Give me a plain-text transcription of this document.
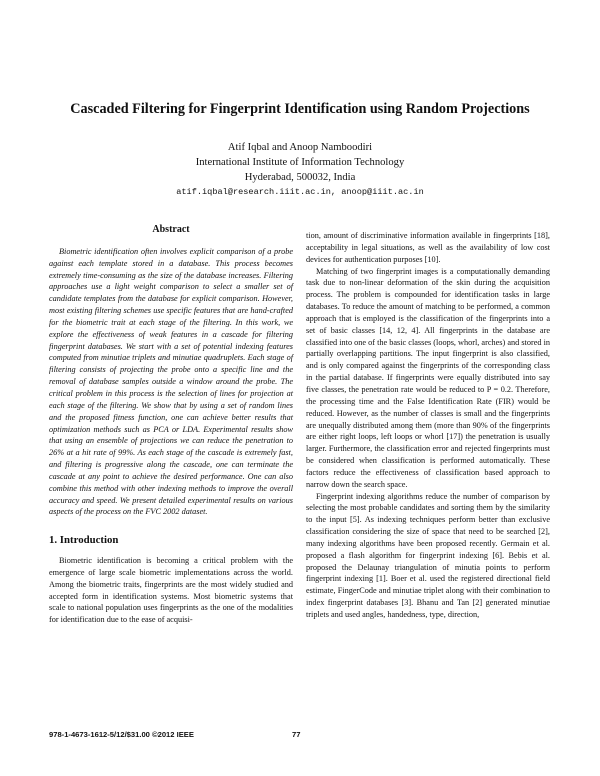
Cascaded Filtering for Fingerprint Identification using Random Projections
Atif Iqbal and Anoop Namboodiri
International Institute of Information Technology
Hyderabad, 500032, India
atif.iqbal@research.iiit.ac.in, anoop@iiit.ac.in
Abstract

Biometric identification often involves explicit comparison of a probe against each template stored in a database. This process becomes extremely time-consuming as the size of the database increases. Filtering approaches use a light weight comparison to select a smaller set of candidate templates from the database for explicit comparison. However, most existing filtering schemes use specific features that are hand-crafted for the biometric trait at each stage of the filtering. In this work, we explore the effectiveness of weak features in a cascade for filtering fingerprint databases. We start with a set of potential indexing features computed from minutiae triplets and minutiae quadruplets. Each stage of filtering consists of projecting the probe onto a specific line and the removal of database samples outside a window around the probe. The critical problem in this process is the selection of lines for projection at each stage of the filtering. We show that by using a set of random lines and the proposed fitness function, one can achieve better results that optimization methods such as PCA or LDA. Experimental results show that using an ensemble of projections we can reduce the penetration to 26% at a hit rate of 99%. As each stage of the cascade is extremely fast, and filtering is progressive along the cascade, one can terminate the cascade at any point to achieve the desired performance. One can also combine this method with other indexing methods to improve the overall accuracy and speed. We present detailed experimental results on various aspects of the process on the FVC 2002 dataset.

1. Introduction

Biometric identification is becoming a critical problem with the emergence of large scale biometric implementations across the world. Among the biometric traits, fingerprints are the most widely studied and accepted form in identification systems. Most biometric systems that scale to national population uses fingerprints as the one of the modalities for identification due to the ease of acquisi-

tion, amount of discriminative information available in fingerprints [18], acceptability in legal situations, as well as the availability of low cost devices for authentication purposes [10].

Matching of two fingerprint images is a computationally demanding task due to non-linear deformation of the skin during the acquisition process. The problem is compounded for identification tasks in large databases. To reduce the amount of matching to be performed, a common approach that is employed is the classification of the fingerprints into a set of basic classes [14, 12, 4]. All fingerprints in the database are classified into one of the basic classes (loops, whorl, arches) and stored in partially overlapping partitions. The input fingerprint is also classified, and is only compared against the fingerprints of the corresponding class in the partial database. If fingerprints were equally distributed into say five classes, the penetration rate would be reduced to P = 0.2. Therefore, the processing time and the False Identification Rate (FIR) would be reduced. However, as the number of classes is small and the fingerprints are unequally distributed among them (more than 90% of the fingerprints are either right loops, left loops or whorl [17]) the penetration is usually larger. Furthermore, the classification error and rejected fingerprints must be considered when classification is performed automatically. These factors reduce the effectiveness of classification based approach to narrow down the search space.

Fingerprint indexing algorithms reduce the number of comparison by selecting the most probable candidates and sorting them by the similarity to the input [5]. As indexing techniques perform better than exclusive classification considering the size of space that need to be searched [2], many indexing algorithms have been proposed recently. Germain et al. proposed a flash algorithm for fingerprint indexing [6]. Bebis et al. proposed the Delaunay triangulation of minutia points to perform fingerprint indexing [1]. Boer et al. used the registered directional field estimate, FingerCode and minutiae triplet along with their combination to index fingerprint databases [3]. Bhanu and Tan [2] generated minutiae triplets and used angles, handedness, type, direction,

978-1-4673-1612-5/12/$31.00 ©2012 IEEE	77
